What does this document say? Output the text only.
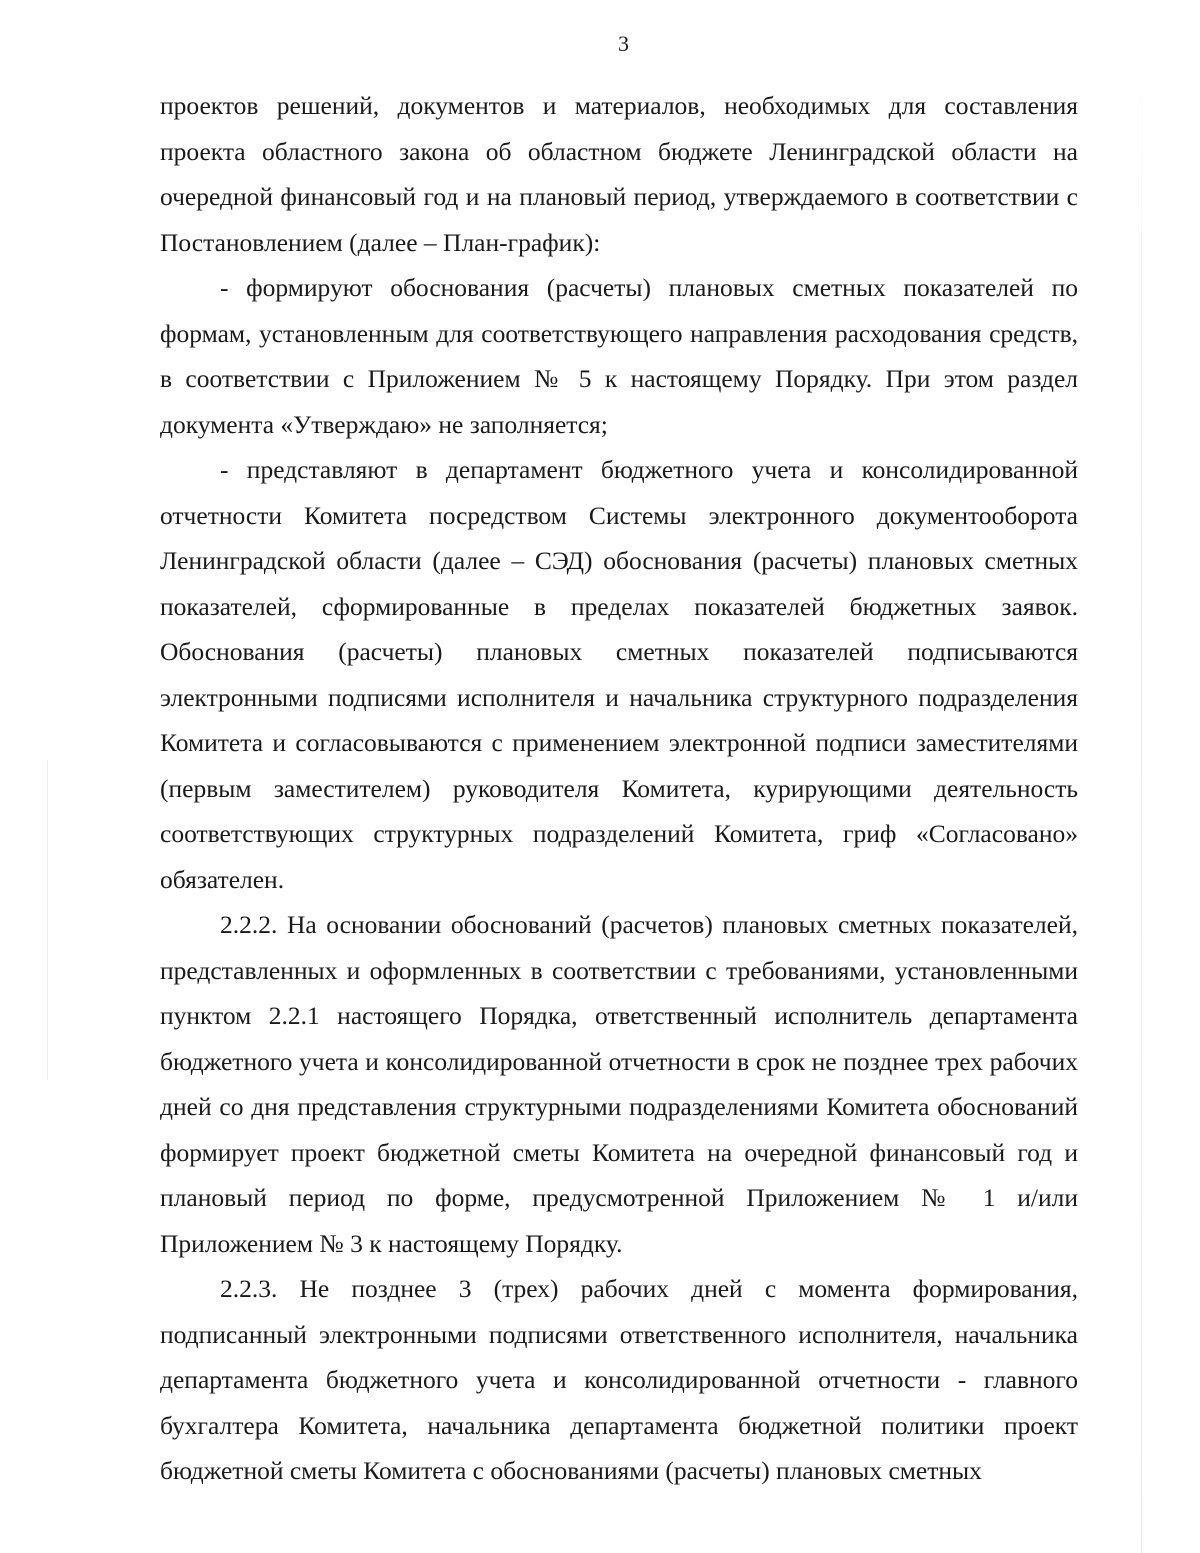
3

проектов решений, документов и материалов, необходимых для составления проекта областного закона об областном бюджете Ленинградской области на очередной финансовый год и на плановый период, утверждаемого в соответствии с Постановлением (далее – План-график):

- формируют обоснования (расчеты) плановых сметных показателей по формам, установленным для соответствующего направления расходования средств, в соответствии с Приложением № 5 к настоящему Порядку. При этом раздел документа «Утверждаю» не заполняется;

- представляют в департамент бюджетного учета и консолидированной отчетности Комитета посредством Системы электронного документооборота Ленинградской области (далее – СЭД) обоснования (расчеты) плановых сметных показателей, сформированные в пределах показателей бюджетных заявок. Обоснования (расчеты) плановых сметных показателей подписываются электронными подписями исполнителя и начальника структурного подразделения Комитета и согласовываются с применением электронной подписи заместителями (первым заместителем) руководителя Комитета, курирующими деятельность соответствующих структурных подразделений Комитета, гриф «Согласовано» обязателен.

2.2.2. На основании обоснований (расчетов) плановых сметных показателей, представленных и оформленных в соответствии с требованиями, установленными пунктом 2.2.1 настоящего Порядка, ответственный исполнитель департамента бюджетного учета и консолидированной отчетности в срок не позднее трех рабочих дней со дня представления структурными подразделениями Комитета обоснований формирует проект бюджетной сметы Комитета на очередной финансовый год и плановый период по форме, предусмотренной Приложением № 1 и/или Приложением № 3 к настоящему Порядку.

2.2.3. Не позднее 3 (трех) рабочих дней с момента формирования, подписанный электронными подписями ответственного исполнителя, начальника департамента бюджетного учета и консолидированной отчетности - главного бухгалтера Комитета, начальника департамента бюджетной политики проект бюджетной сметы Комитета с обоснованиями (расчеты) плановых сметных
